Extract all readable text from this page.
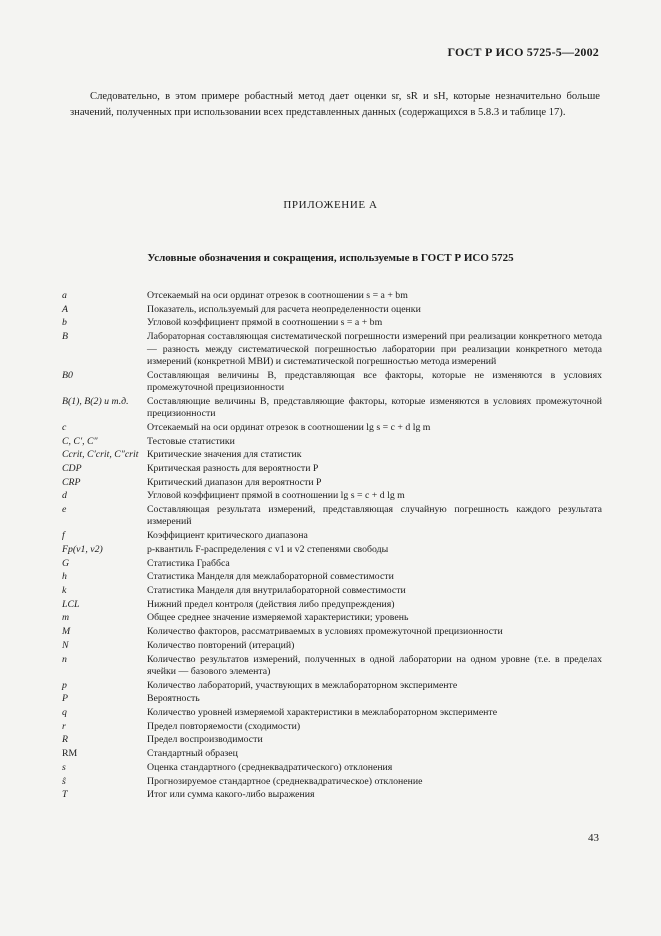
ГОСТ Р ИСО 5725-5—2002

Следовательно, в этом примере робастный метод дает оценки sr, sR и sH, которые незначительно больше значений, полученных при использовании всех представленных данных (содержащихся в 5.8.3 и таблице 17).

ПРИЛОЖЕНИЕ А
Условные обозначения и сокращения, используемые в ГОСТ Р ИСО 5725
a	Отсекаемый на оси ординат отрезок в соотношении s = a + bm
A	Показатель, используемый для расчета неопределенности оценки
b	Угловой коэффициент прямой в соотношении s = a + bm
B	Лабораторная составляющая систематической погрешности измерений при реализации конкретного метода — разность между систематической погрешностью лаборатории при реализации конкретного метода измерений (конкретной МВИ) и систематической погрешностью метода измерений
B0	Составляющая величины B, представляющая все факторы, которые не изменяются в условиях промежуточной прецизионности
B(1), B(2) и т.д.	Составляющие величины B, представляющие факторы, которые изменяются в условиях промежуточной прецизионности
c	Отсекаемый на оси ординат отрезок в соотношении lg s = c + d lg m
C, C′, C″	Тестовые статистики
Ccrit, C′crit, C″crit Критические значения для статистик
CDP	Критическая разность для вероятности P
CRP	Критический диапазон для вероятности P
d	Угловой коэффициент прямой в соотношении lg s = c + d lg m
e	Составляющая результата измерений, представляющая случайную погрешность каждого результата измерений
f	Коэффициент критического диапазона
Fp(v1, v2)	p-квантиль F-распределения с v1 и v2 степенями свободы
G	Статистика Граббса
h	Статистика Манделя для межлабораторной совместимости
k	Статистика Манделя для внутрилабораторной совместимости
LCL	Нижний предел контроля (действия либо предупреждения)
m	Общее среднее значение измеряемой характеристики; уровень
M	Количество факторов, рассматриваемых в условиях промежуточной прецизионности
N	Количество повторений (итераций)
n	Количество результатов измерений, полученных в одной лаборатории на одном уровне (т.е. в пределах ячейки — базового элемента)
p	Количество лабораторий, участвующих в межлабораторном эксперименте
P	Вероятность
q	Количество уровней измеряемой характеристики в межлабораторном эксперименте
r	Предел повторяемости (сходимости)
R	Предел воспроизводимости
RM	Стандартный образец
s	Оценка стандартного (среднеквадратического) отклонения
ŝ	Прогнозируемое стандартное (среднеквадратическое) отклонение
T	Итог или сумма какого-либо выражения
43
